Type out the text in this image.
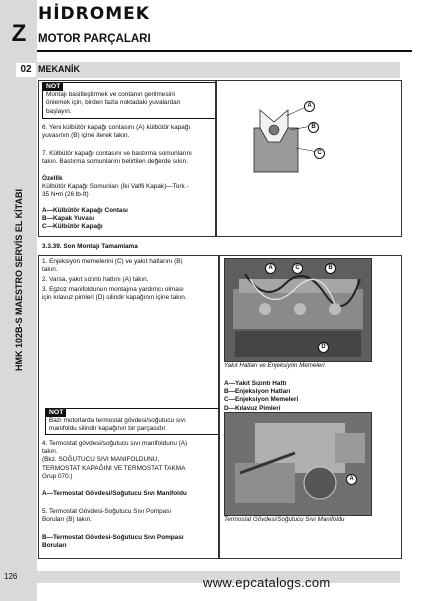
Z
HİDROMEK
MOTOR PARÇALARI
02 MEKANİK
HMK 102B-S MAESTRO SERVİS EL KİTABI
NOT
Montajı basitleştirmek ve contanın gerilmesini
önlemek için, birden fazla noktadaki yuvalardan
başlayın.
6. Yeni külbütör kapağı contasını (A) külbütör kapağı
yuvasının (B) içine iterek takın.
7. Külbütör kapağı contasını ve bastırma somunlarını
takın. Bastırma somunlarını belirtilen değerde sıkın.
Özellik
Külbütör Kapağı Somunları (İki Valfli Kapak)—Tork -
35 N•m (26 lb-ft)
A—Külbütör Kapağı Contası
B—Kapak Yuvası
C—Külbütör Kapağı
A
B
C
3.3.39. Son Montajı Tamamlama
1. Enjeksiyon memelerini (C) ve yakıt hatlarını (B)
takın.
2. Varsa, yakıt sızıntı hattını (A) takın.
3. Egzoz manifoldunun montajına yardımcı olması
için kılavuz pimleri (D) silindir kapağının içine takın.
NOT
Bazı motorlarda termostat gövdesi/soğutucu sıvı
manifoldu silindir kapağının bir parçasıdır.
4. Termostat gövdesi/soğutucu sıvı manifoldunu (A)
takın.
(Bkz. SOĞUTUCU SIVI MANIFOLDUNU,
TERMOSTAT KAPAĞINI VE TERMOSTAT TAKMA
Grup 070.)
A—Termostat Gövdesi/Soğutucu Sıvı Manifoldu
5. Termostat Gövdesi-Soğutucu Sıvı Pompası
Boruları (B) takın.
B—Termostat Gövdesi-Soğutucu Sıvı Pompası
Boruları
A	C	B
D
Yakıt Hatları ve Enjeksiyon Memeleri
A—Yakıt Sızıntı Hattı
B—Enjeksiyon Hatları
C—Enjeksiyon Memeleri
D—Kılavuz Pimleri
A
Termostat Gövdesi/Soğutucu Sıvı Manifoldu
126	www.epcatalogs.com
